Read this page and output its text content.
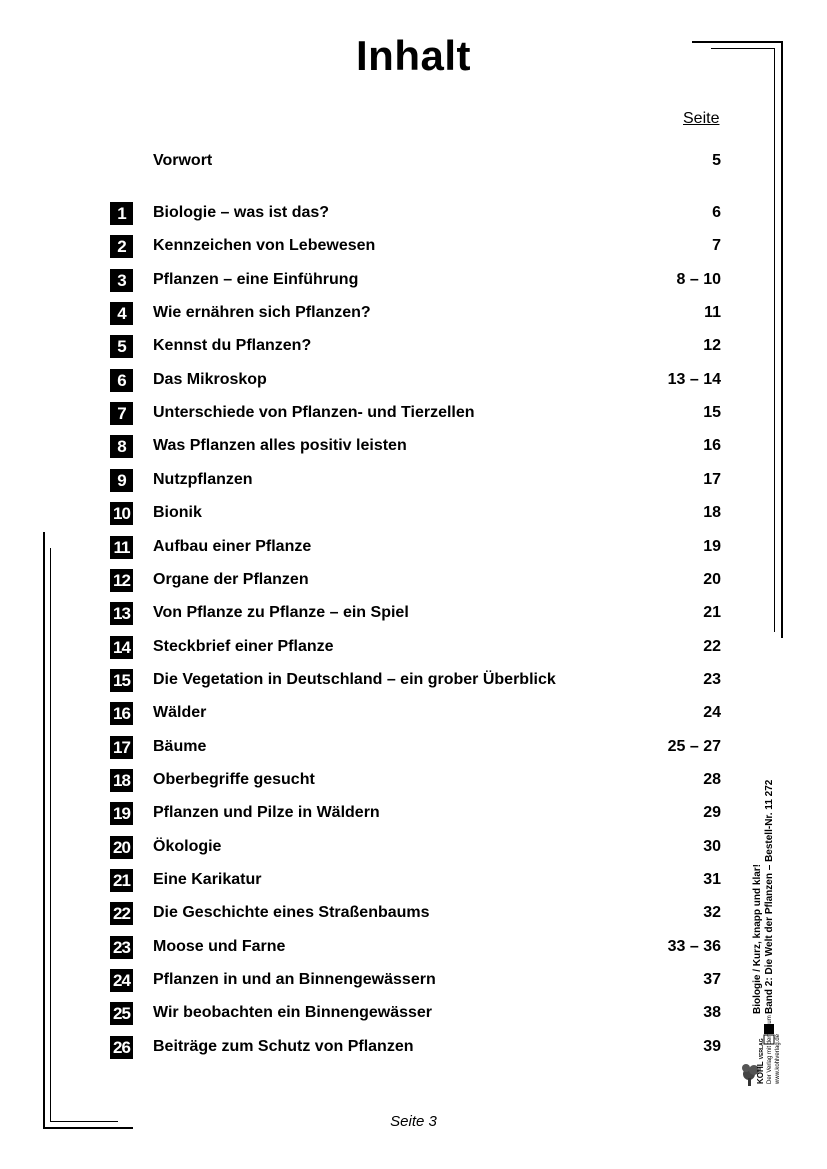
Inhalt
Seite
Vorwort	5
1	Biologie – was ist das?	6
2	Kennzeichen von Lebewesen	7
3	Pflanzen – eine Einführung	8 – 10
4	Wie ernähren sich Pflanzen?	11
5	Kennst du Pflanzen?	12
6	Das Mikroskop	13 – 14
7	Unterschiede von Pflanzen- und Tierzellen	15
8	Was Pflanzen alles positiv leisten	16
9	Nutzpflanzen	17
10 Bionik	18
11 Aufbau einer Pflanze	19
12 Organe der Pflanzen	20
13 Von Pflanze zu Pflanze – ein Spiel	21
14 Steckbrief einer Pflanze	22
15 Die Vegetation in Deutschland – ein grober Überblick	23
16 Wälder	24
17 Bäume	25 – 27
18 Oberbegriffe gesucht	28
19 Pflanzen und Pilze in Wäldern	29
20 Ökologie	30
21 Eine Karikatur	31
22 Die Geschichte eines Straßenbaums	32
23 Moose und Farne	33 – 36
24 Pflanzen in und an Binnengewässern	37
25 Wir beobachten ein Binnengewässer	38
26 Beiträge zum Schutz von Pflanzen	39
Seite 3
Biologie / Kurz, knapp und klar! Band 2: Die Welt der Pflanzen – Bestell-Nr. 11 272
KOHL VERLAG Der Verlag mit dem Baum www.kohlverlag.de
